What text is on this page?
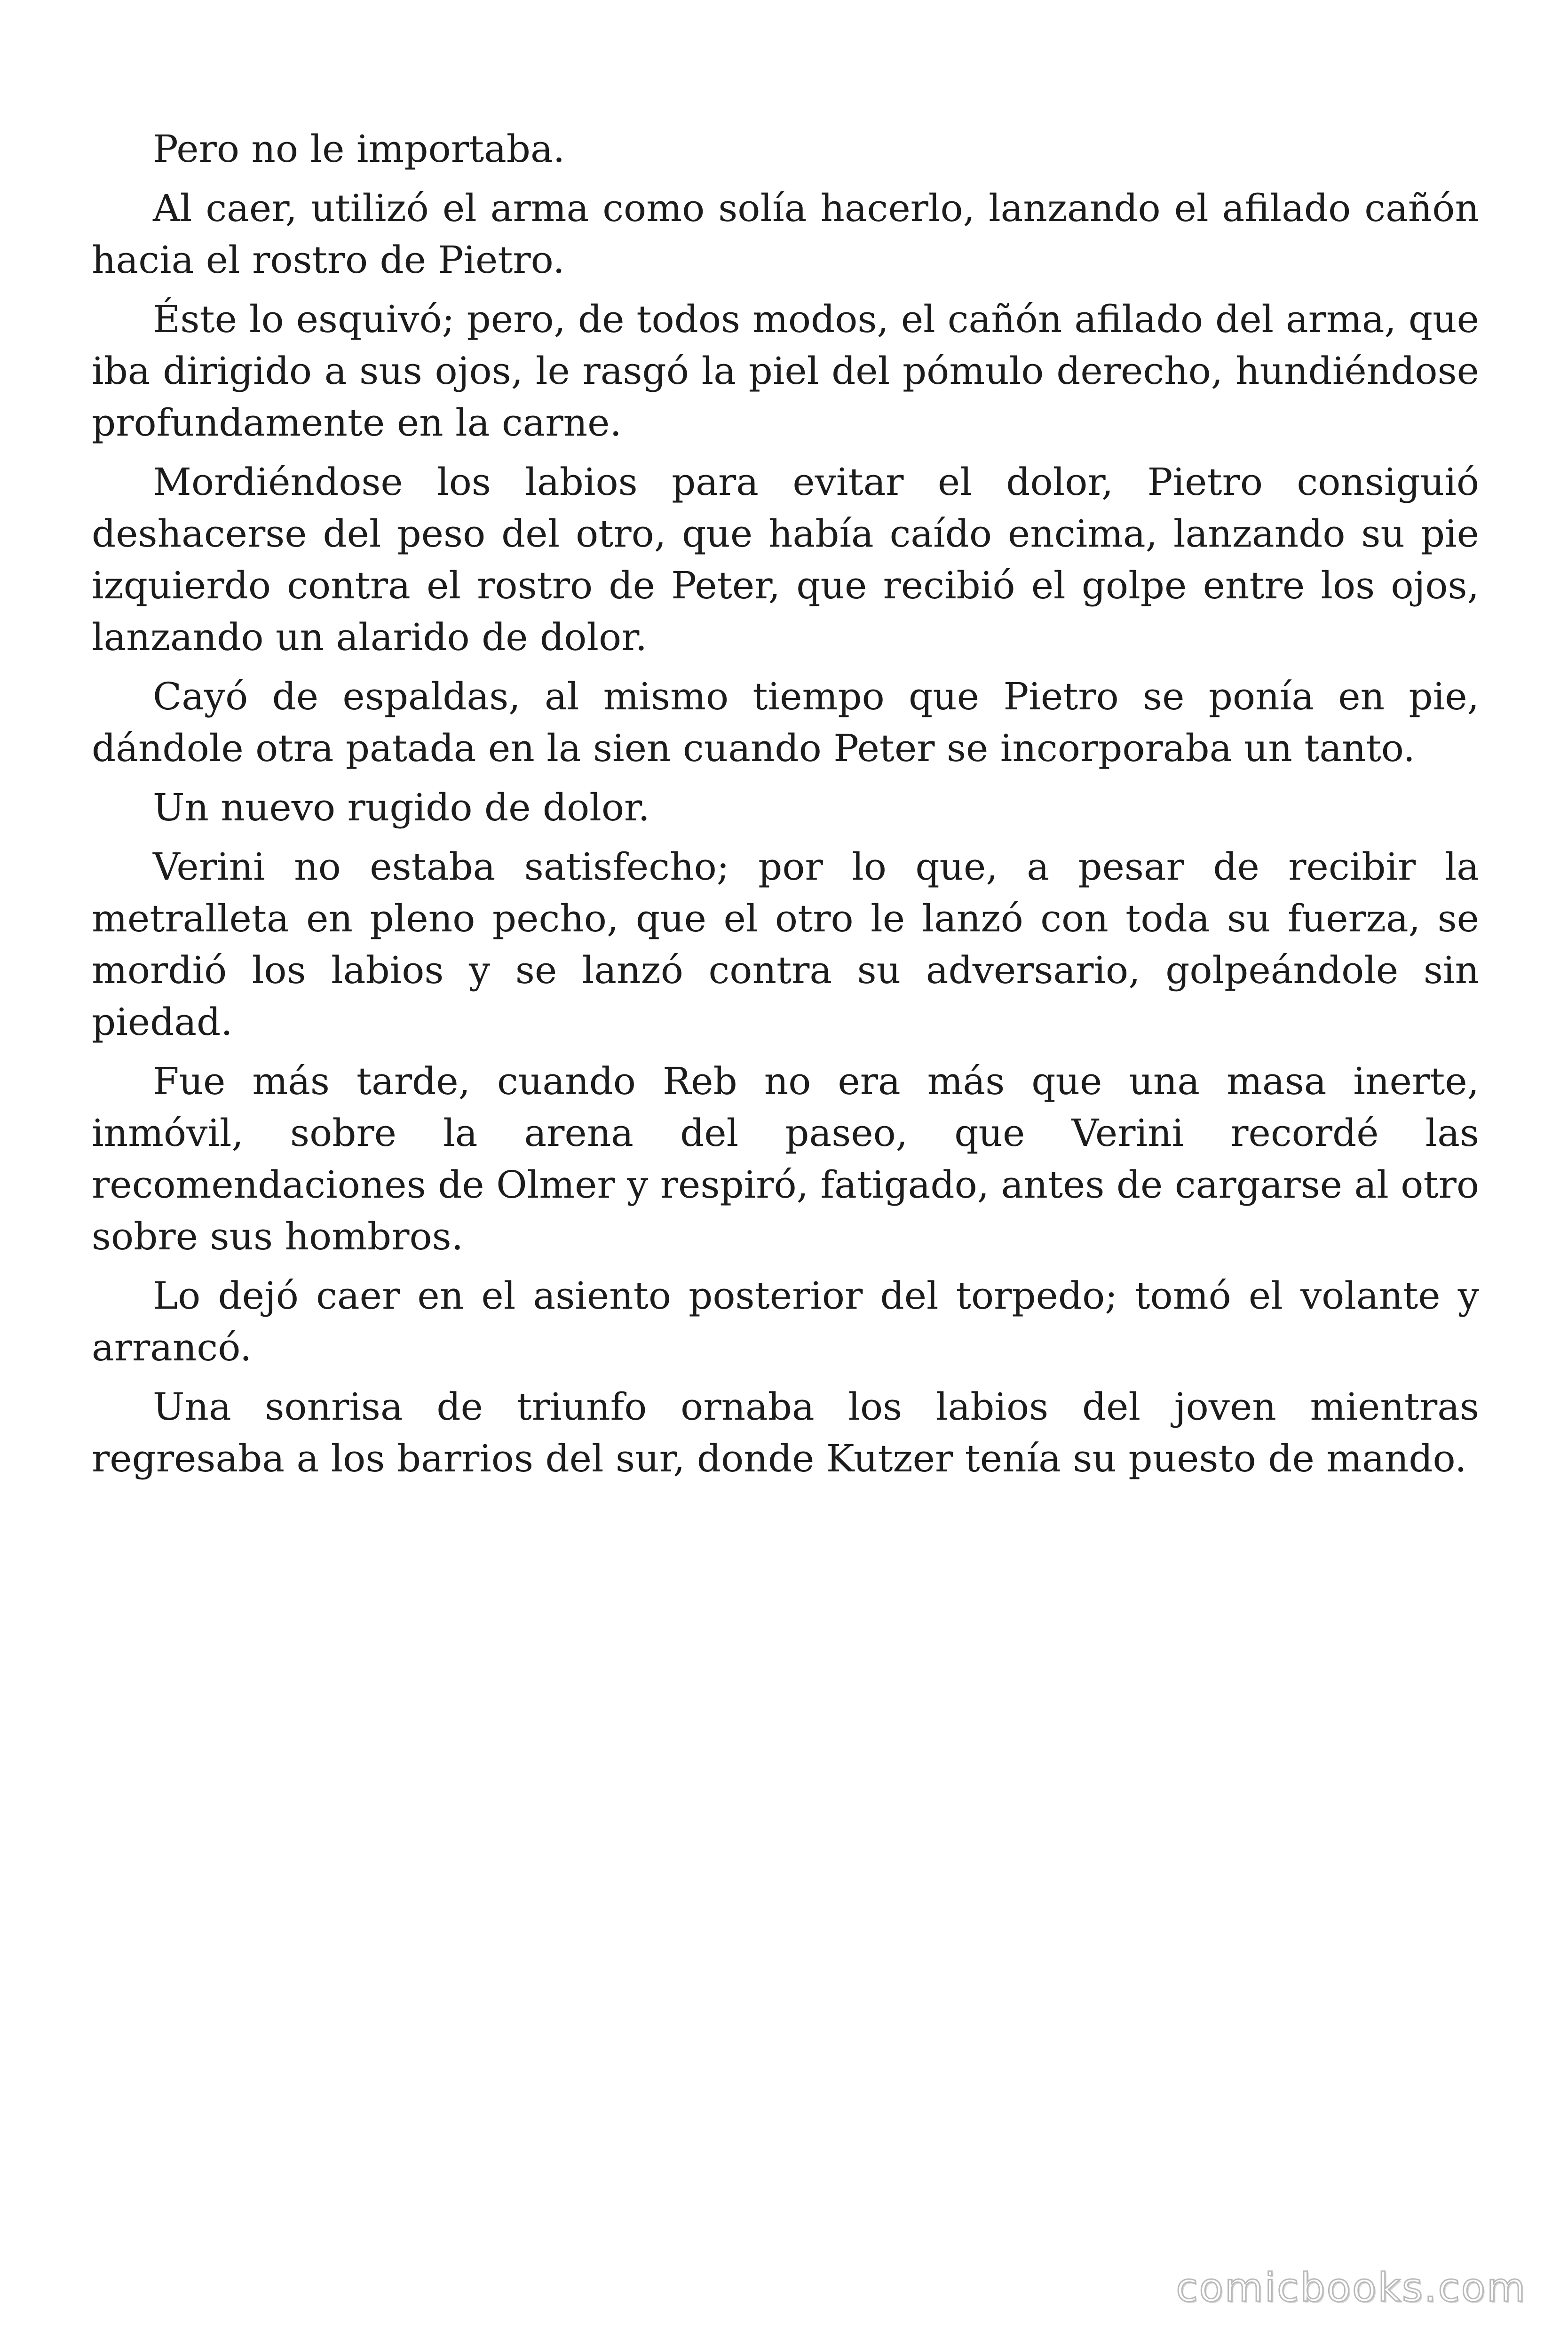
Pero no le importaba.

Al caer, utilizó el arma como solía hacerlo, lanzando el afilado cañón hacia el rostro de Pietro.

Éste lo esquivó; pero, de todos modos, el cañón afilado del arma, que iba dirigido a sus ojos, le rasgó la piel del pómulo derecho, hundiéndose profundamente en la carne.

Mordiéndose los labios para evitar el dolor, Pietro consiguió deshacerse del peso del otro, que había caído encima, lanzando su pie izquierdo contra el rostro de Peter, que recibió el golpe entre los ojos, lanzando un alarido de dolor.

Cayó de espaldas, al mismo tiempo que Pietro se ponía en pie, dándole otra patada en la sien cuando Peter se incorporaba un tanto.

Un nuevo rugido de dolor.

Verini no estaba satisfecho; por lo que, a pesar de recibir la metralleta en pleno pecho, que el otro le lanzó con toda su fuerza, se mordió los labios y se lanzó contra su adversario, golpeándole sin piedad.

Fue más tarde, cuando Reb no era más que una masa inerte, inmóvil, sobre la arena del paseo, que Verini recordé las recomendaciones de Olmer y respiró, fatigado, antes de cargarse al otro sobre sus hombros.

Lo dejó caer en el asiento posterior del torpedo; tomó el volante y arrancó.

Una sonrisa de triunfo ornaba los labios del joven mientras regresaba a los barrios del sur, donde Kutzer tenía su puesto de mando.

comicbooks.com
